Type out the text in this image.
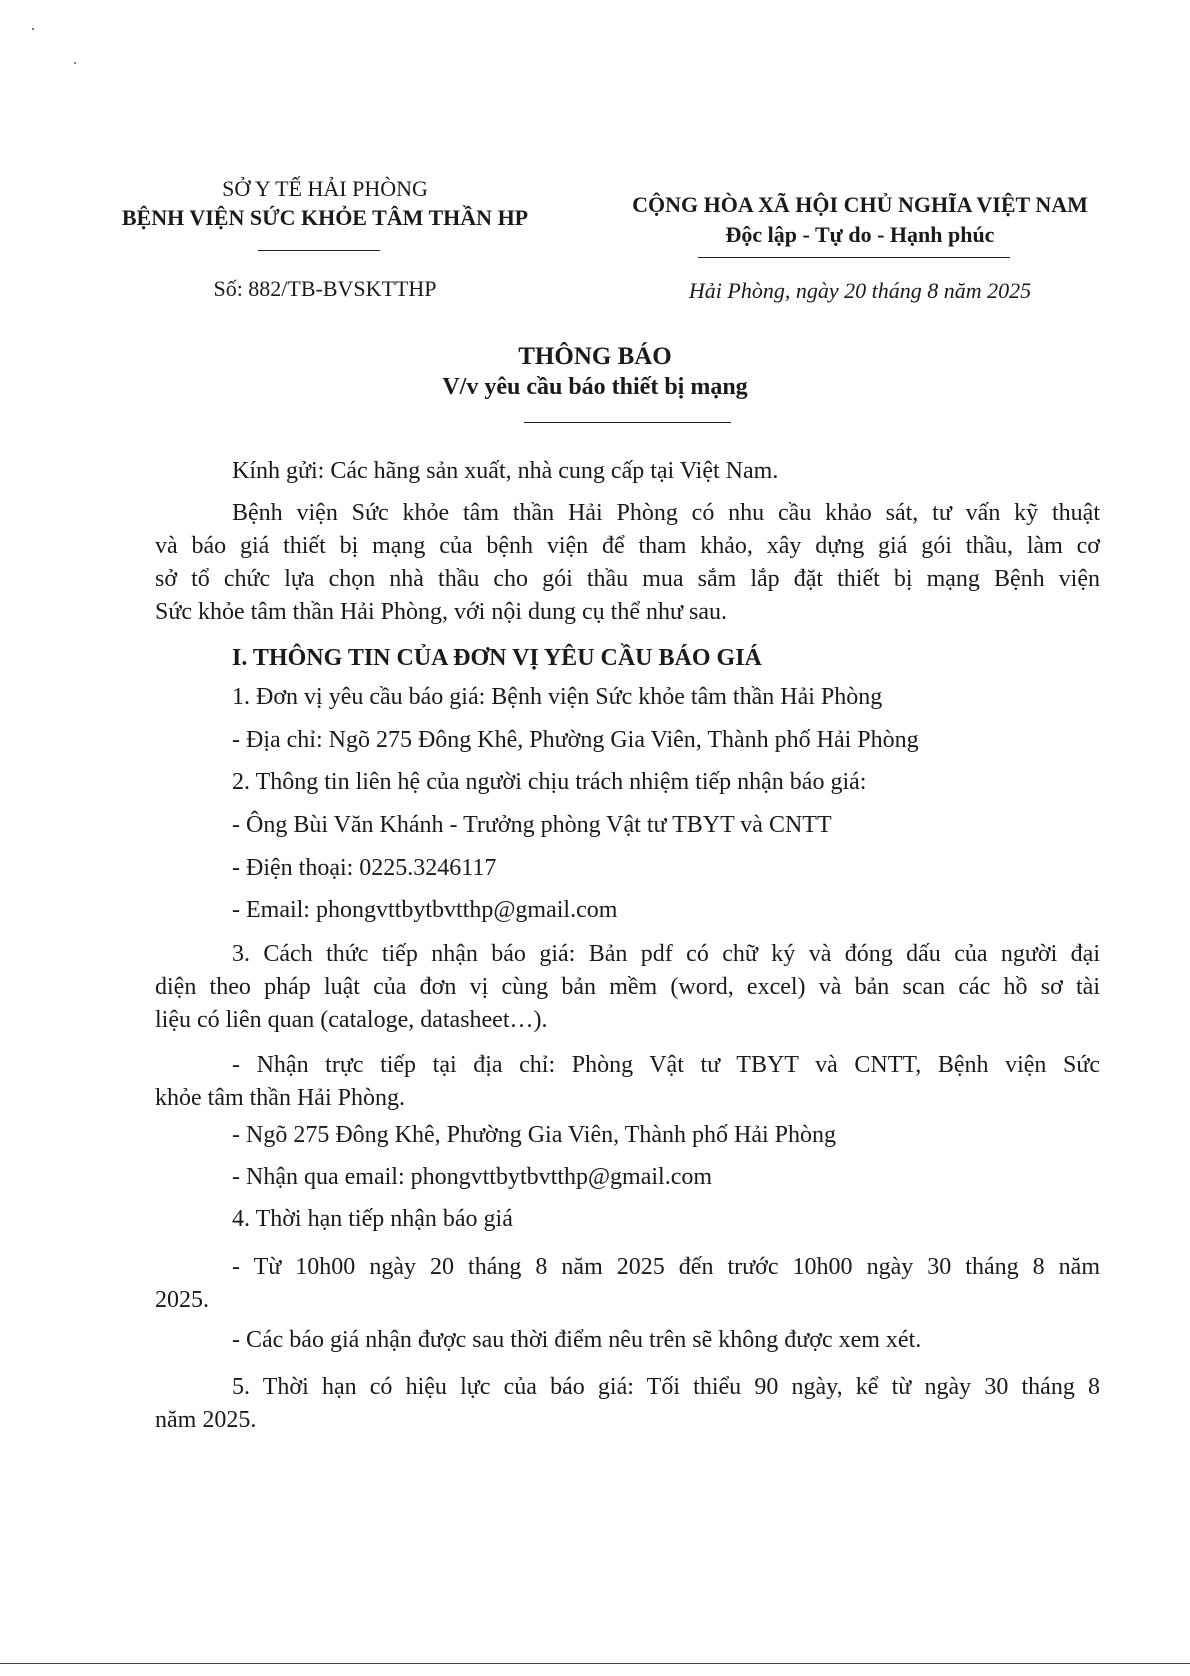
SỞ Y TẾ HẢI PHÒNG
BỆNH VIỆN SỨC KHỎE TÂM THẦN HP
Số: 882/TB-BVSKTTHP
CỘNG HÒA XÃ HỘI CHỦ NGHĨA VIỆT NAM
Độc lập - Tự do - Hạnh phúc
Hải Phòng, ngày 20 tháng 8 năm 2025
THÔNG BÁO
V/v yêu cầu báo thiết bị mạng
Kính gửi: Các hãng sản xuất, nhà cung cấp tại Việt Nam.
Bệnh viện Sức khỏe tâm thần Hải Phòng có nhu cầu khảo sát, tư vấn kỹ thuật
và báo giá thiết bị mạng của bệnh viện để tham khảo, xây dựng giá gói thầu, làm cơ
sở tổ chức lựa chọn nhà thầu cho gói thầu mua sắm lắp đặt thiết bị mạng Bệnh viện
Sức khỏe tâm thần Hải Phòng, với nội dung cụ thể như sau.
I. THÔNG TIN CỦA ĐƠN VỊ YÊU CẦU BÁO GIÁ
1. Đơn vị yêu cầu báo giá: Bệnh viện Sức khỏe tâm thần Hải Phòng
- Địa chỉ: Ngõ 275 Đông Khê, Phường Gia Viên, Thành phố Hải Phòng
2. Thông tin liên hệ của người chịu trách nhiệm tiếp nhận báo giá:
- Ông Bùi Văn Khánh - Trưởng phòng Vật tư TBYT và CNTT
- Điện thoại: 0225.3246117
- Email: phongvttbytbvtthp@gmail.com
3. Cách thức tiếp nhận báo giá: Bản pdf có chữ ký và đóng dấu của người đại
diện theo pháp luật của đơn vị cùng bản mềm (word, excel) và bản scan các hồ sơ tài
liệu có liên quan (cataloge, datasheet…).
- Nhận trực tiếp tại địa chỉ: Phòng Vật tư TBYT và CNTT, Bệnh viện Sức
khỏe tâm thần Hải Phòng.
- Ngõ 275 Đông Khê, Phường Gia Viên, Thành phố Hải Phòng
- Nhận qua email: phongvttbytbvtthp@gmail.com
4. Thời hạn tiếp nhận báo giá
- Từ 10h00 ngày 20 tháng 8 năm 2025 đến trước 10h00 ngày 30 tháng 8 năm
2025.
- Các báo giá nhận được sau thời điểm nêu trên sẽ không được xem xét.
5. Thời hạn có hiệu lực của báo giá: Tối thiểu 90 ngày, kể từ ngày 30 tháng 8
năm 2025.
